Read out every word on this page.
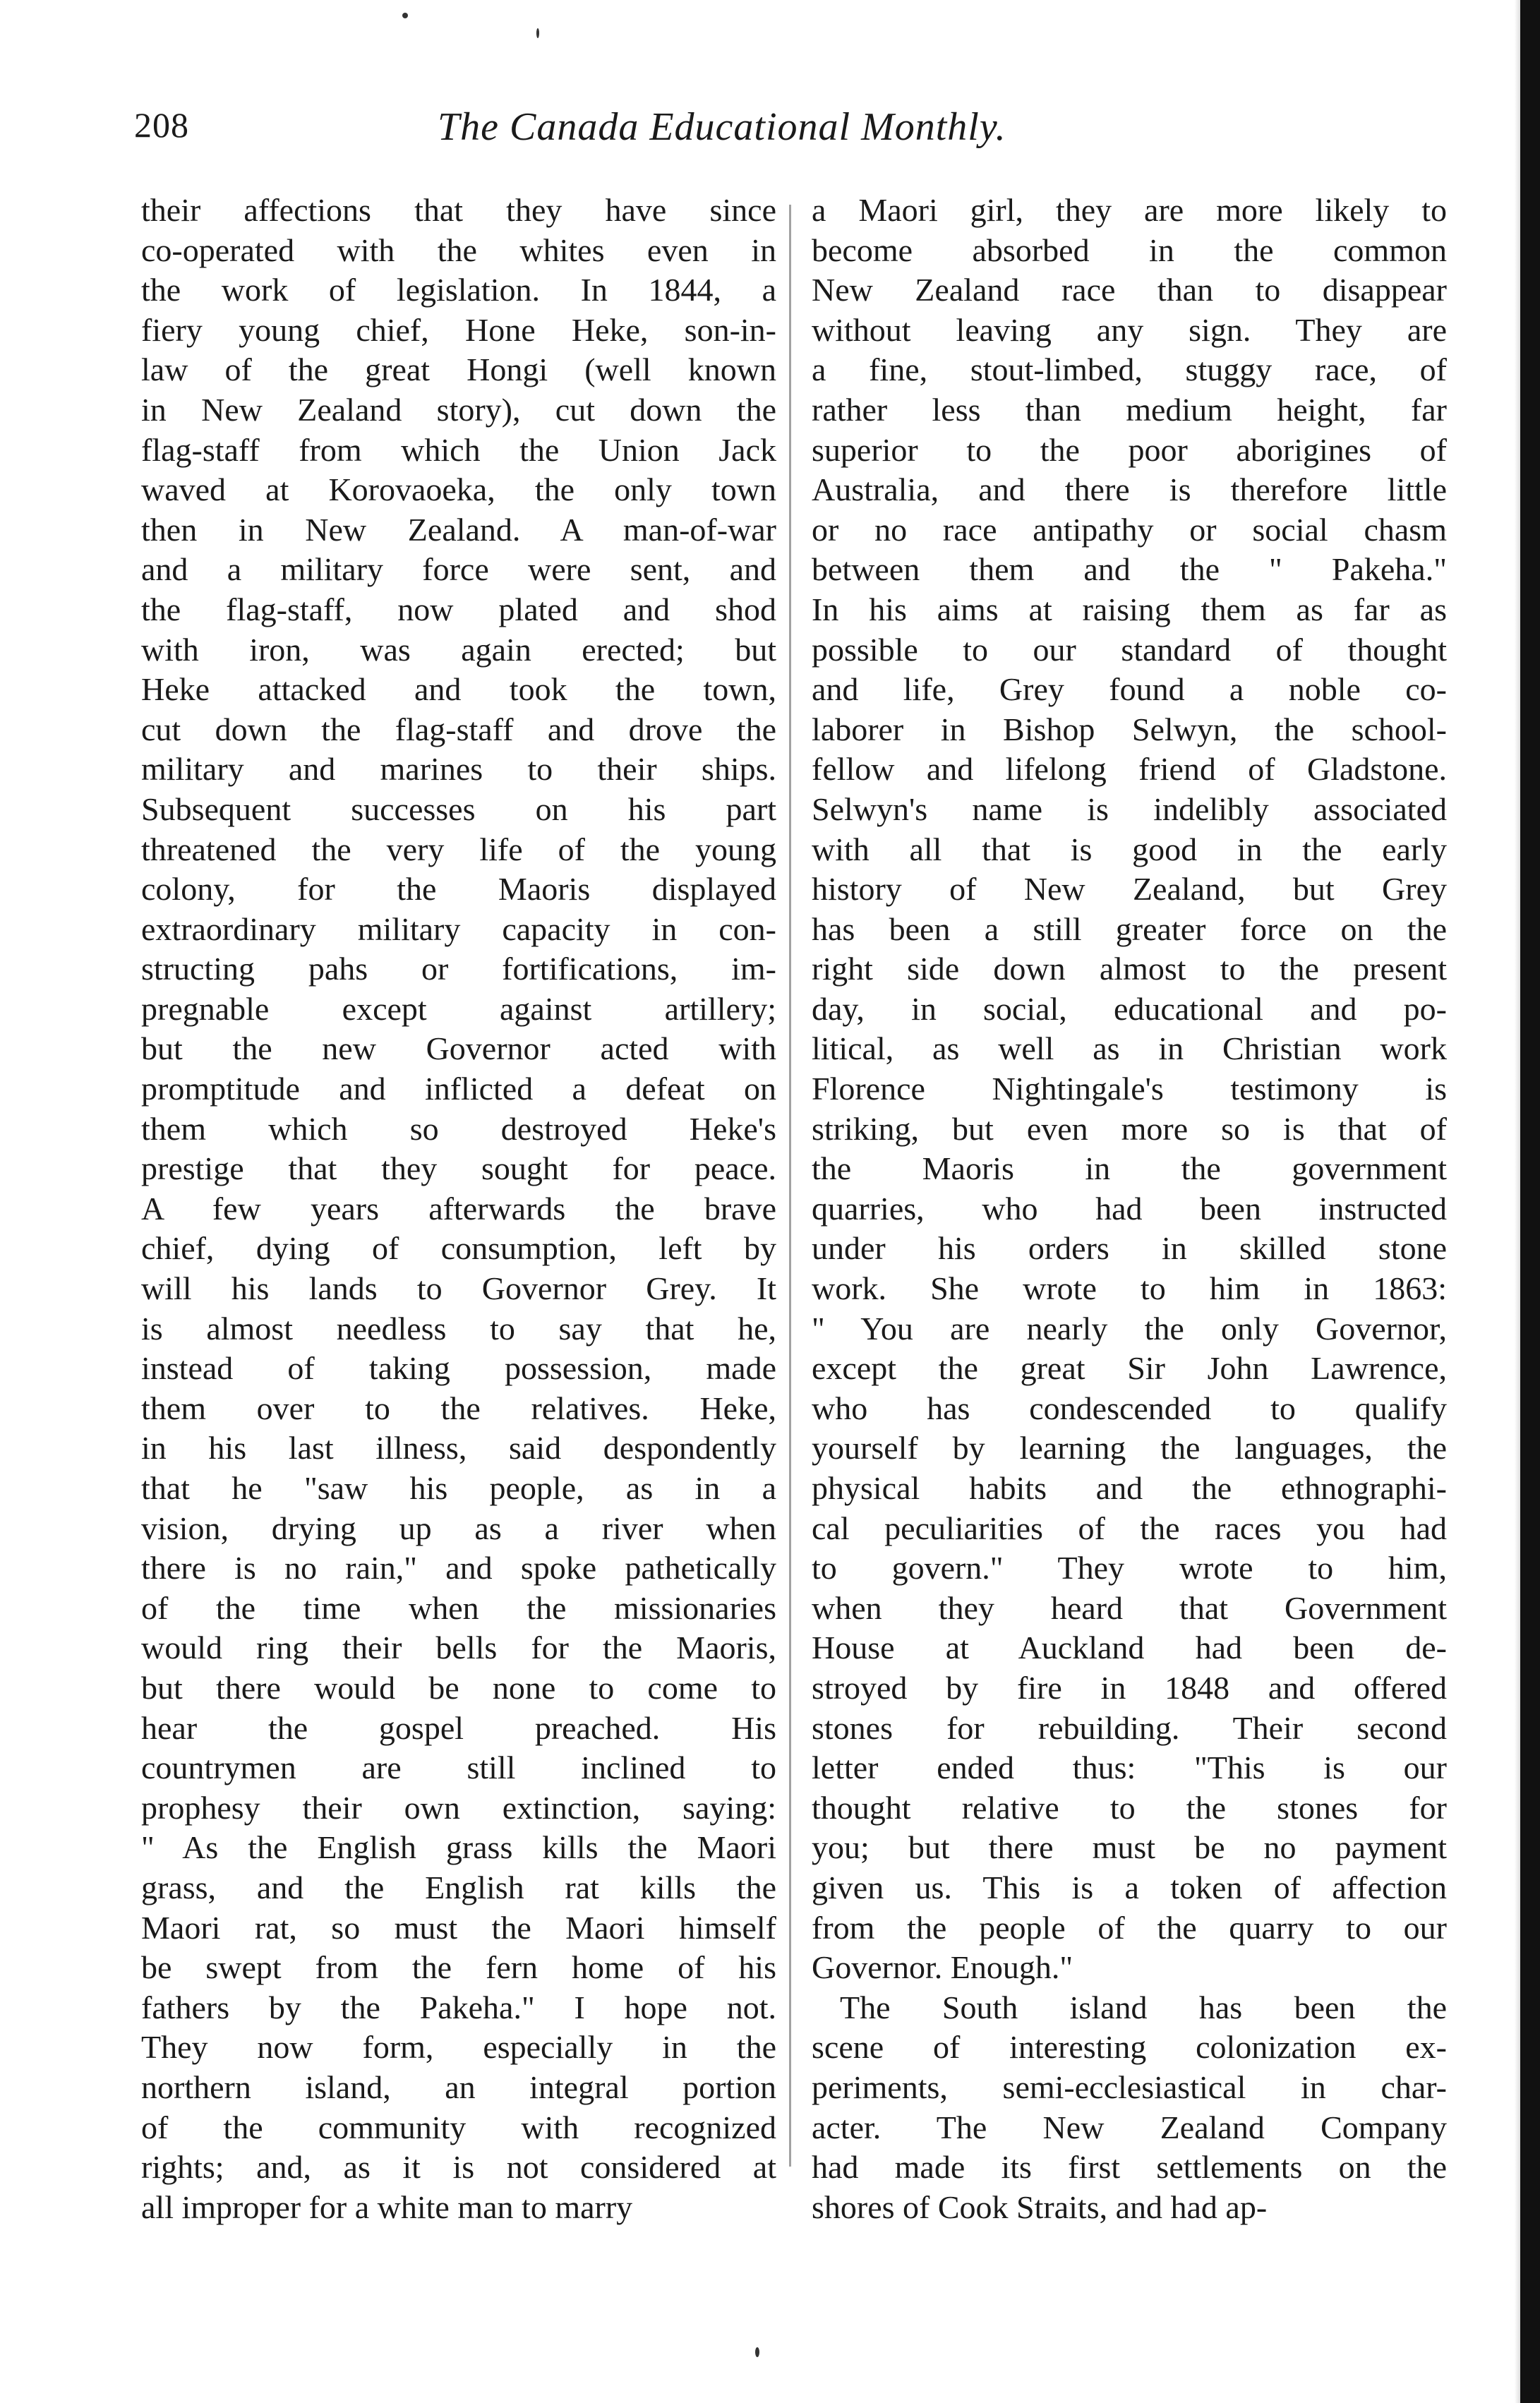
208	The Canada Educational Monthly.
their affections that they have since
co-operated with the whites even in
the work of legislation. In 1844, a
fiery young chief, Hone Heke, son-in-
law of the great Hongi (well known
in New Zealand story), cut down the
flag-staff from which the Union Jack
waved at Korovaoeka, the only town
then in New Zealand. A man-of-war
and a military force were sent, and
the flag-staff, now plated and shod
with iron, was again erected; but
Heke attacked and took the town,
cut down the flag-staff and drove the
military and marines to their ships.
Subsequent successes on his part
threatened the very life of the young
colony, for the Maoris displayed
extraordinary military capacity in con-
structing pahs or fortifications, im-
pregnable except against artillery;
but the new Governor acted with
promptitude and inflicted a defeat on
them which so destroyed Heke's
prestige that they sought for peace.
A few years afterwards the brave
chief, dying of consumption, left by
will his lands to Governor Grey. It
is almost needless to say that he,
instead of taking possession, made
them over to the relatives. Heke,
in his last illness, said despondently
that he "saw his people, as in a
vision, drying up as a river when
there is no rain," and spoke pathetically
of the time when the missionaries
would ring their bells for the Maoris,
but there would be none to come to
hear the gospel preached. His
countrymen are still inclined to
prophesy their own extinction, saying:
" As the English grass kills the Maori
grass, and the English rat kills the
Maori rat, so must the Maori himself
be swept from the fern home of his
fathers by the Pakeha." I hope not.
They now form, especially in the
northern island, an integral portion
of the community with recognized
rights; and, as it is not considered at
all improper for a white man to marry
a Maori girl, they are more likely to
become absorbed in the common
New Zealand race than to disappear
without leaving any sign. They are
a fine, stout-limbed, stuggy race, of
rather less than medium height, far
superior to the poor aborigines of
Australia, and there is therefore little
or no race antipathy or social chasm
between them and the " Pakeha."
In his aims at raising them as far as
possible to our standard of thought
and life, Grey found a noble co-
laborer in Bishop Selwyn, the school-
fellow and lifelong friend of Gladstone.
Selwyn's name is indelibly associated
with all that is good in the early
history of New Zealand, but Grey
has been a still greater force on the
right side down almost to the present
day, in social, educational and po-
litical, as well as in Christian work
Florence Nightingale's testimony is
striking, but even more so is that of
the Maoris in the government
quarries, who had been instructed
under his orders in skilled stone
work. She wrote to him in 1863:
" You are nearly the only Governor,
except the great Sir John Lawrence,
who has condescended to qualify
yourself by learning the languages, the
physical habits and the ethnographi-
cal peculiarities of the races you had
to govern." They wrote to him,
when they heard that Government
House at Auckland had been de-
stroyed by fire in 1848 and offered
stones for rebuilding. Their second
letter ended thus: "This is our
thought relative to the stones for
you; but there must be no payment
given us. This is a token of affection
from the people of the quarry to our
Governor. Enough."
The South island has been the
scene of interesting colonization ex-
periments, semi-ecclesiastical in char-
acter. The New Zealand Company
had made its first settlements on the
shores of Cook Straits, and had ap-
